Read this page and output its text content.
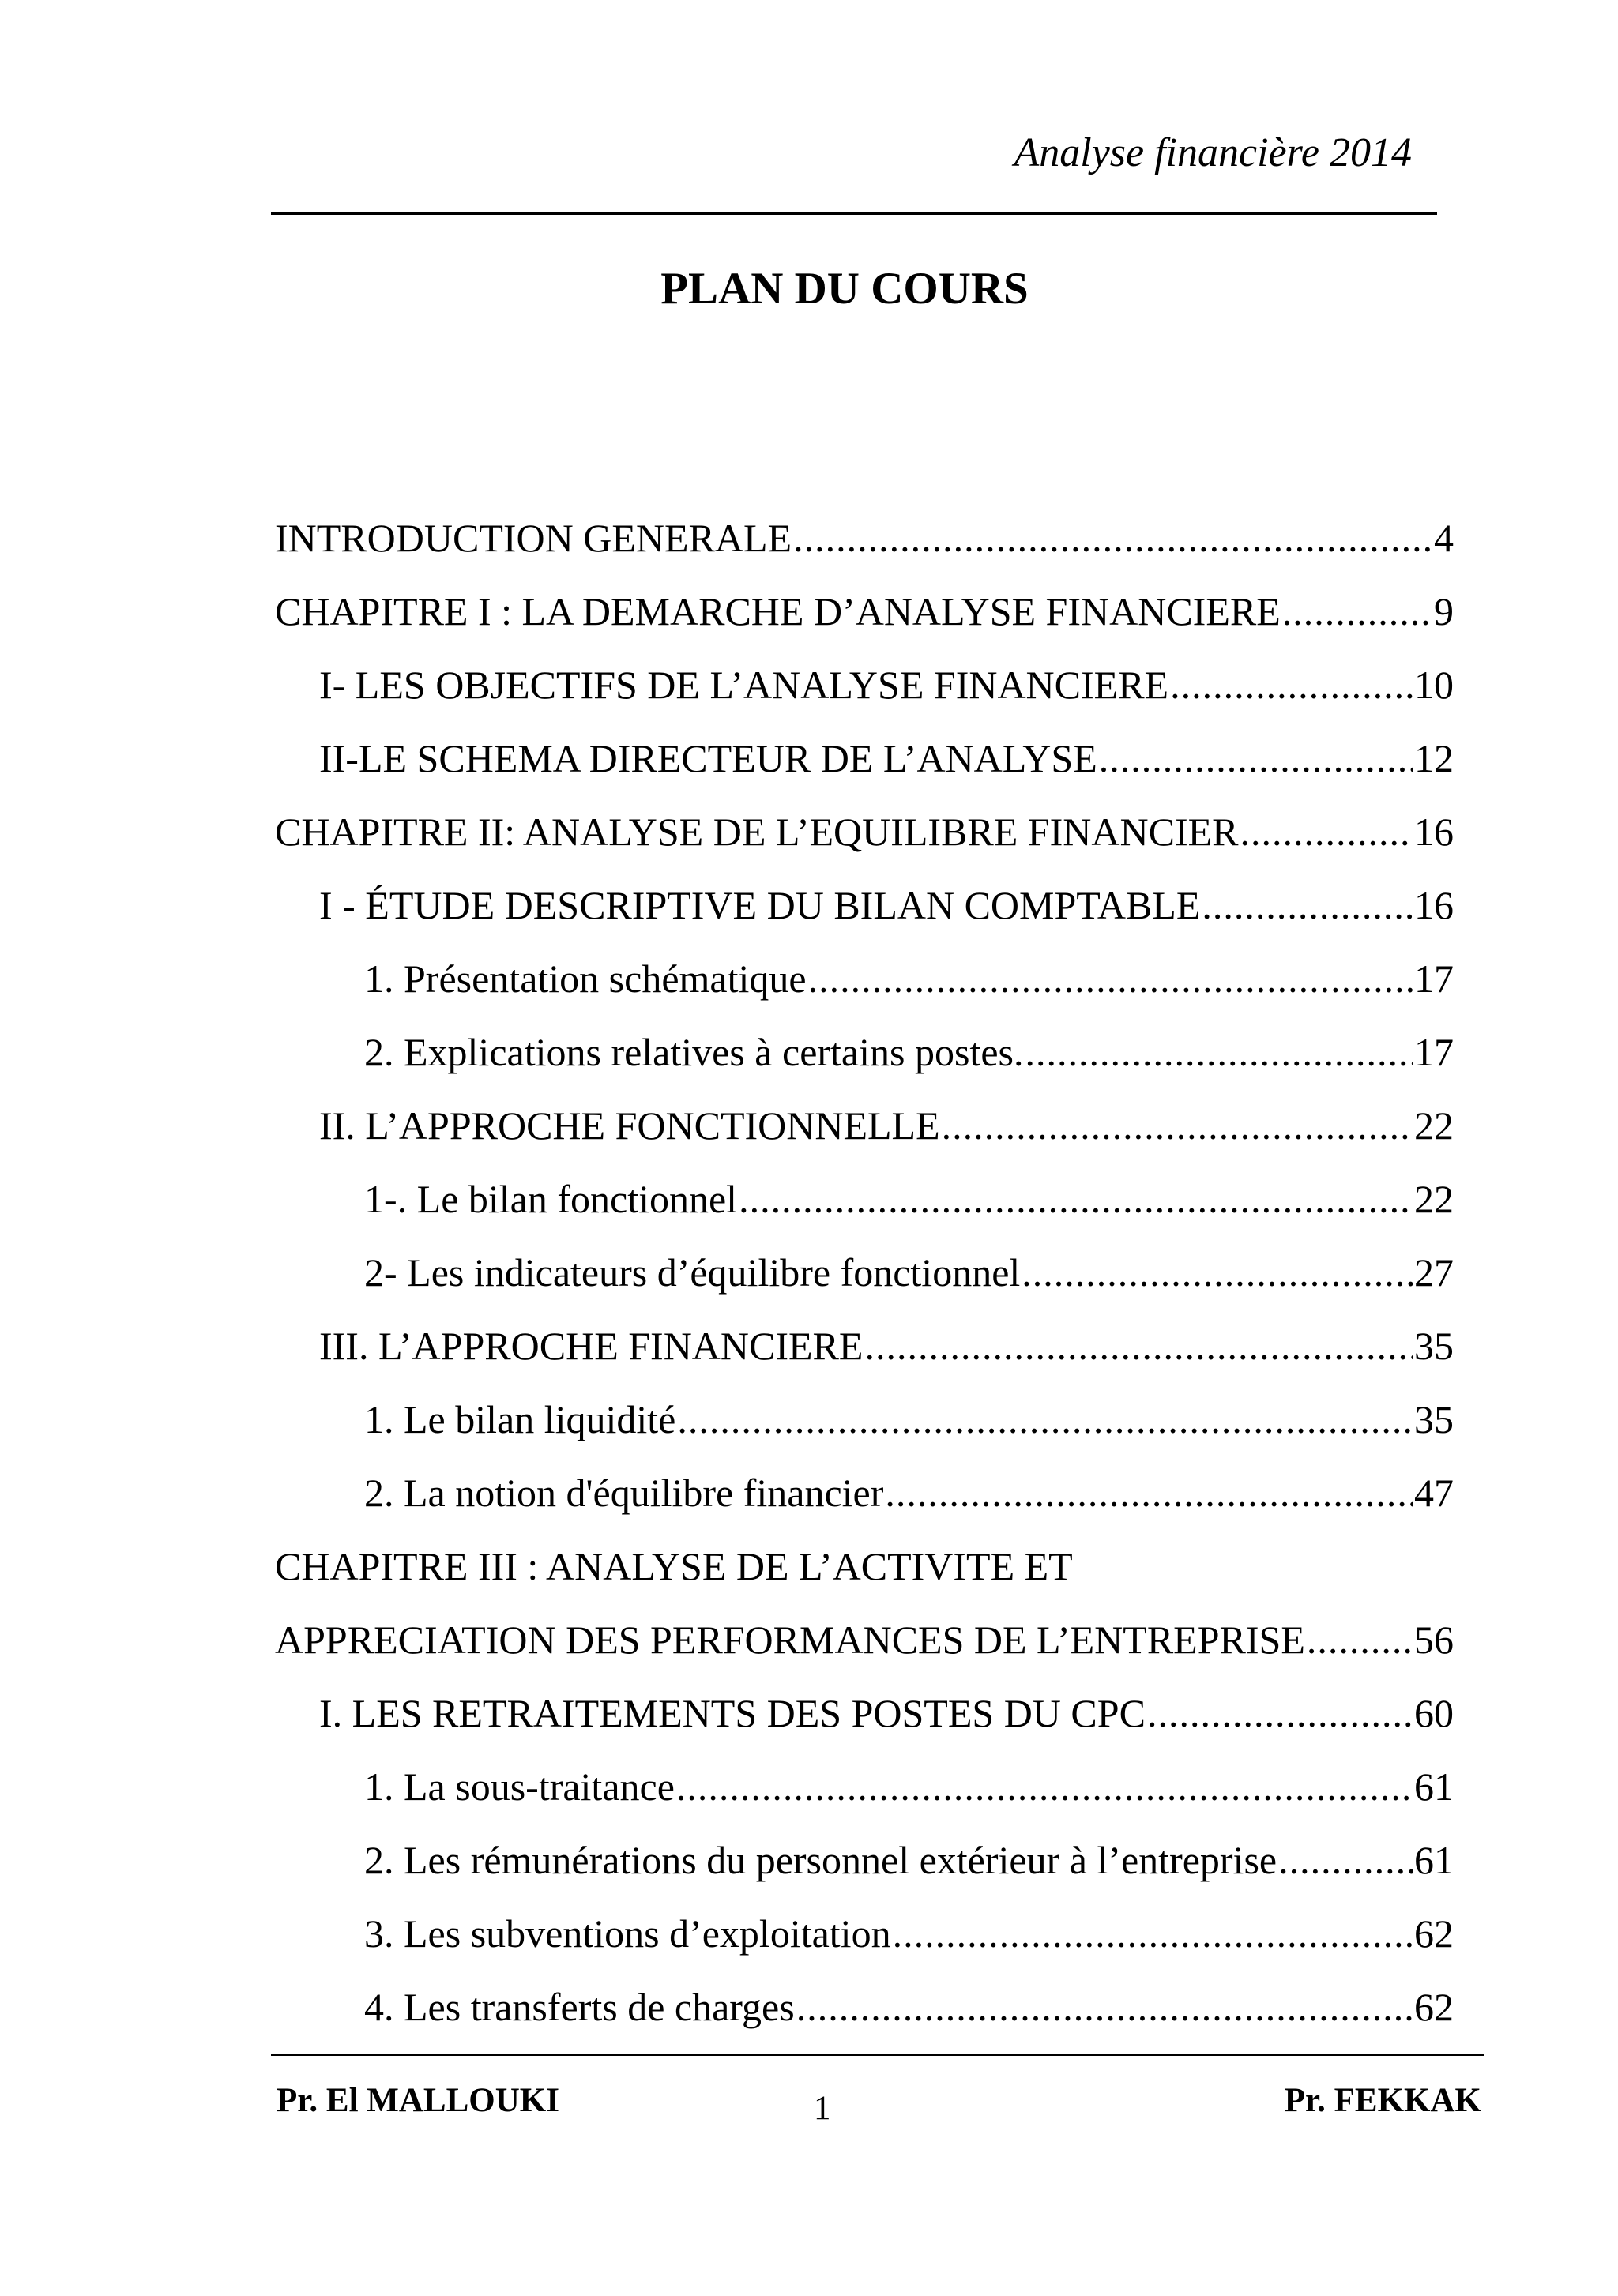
Analyse financière 2014
PLAN DU COURS
INTRODUCTION GENERALE .....	4
CHAPITRE I : LA DEMARCHE D’ANALYSE FINANCIERE .....	9
I- LES OBJECTIFS DE L’ANALYSE FINANCIERE .....	10
II-LE SCHEMA DIRECTEUR DE L’ANALYSE .....	12
CHAPITRE II: ANALYSE DE L’EQUILIBRE FINANCIER .....	16
I - ÉTUDE DESCRIPTIVE DU BILAN COMPTABLE .....	16
1. Présentation schématique .....	17
2. Explications relatives à certains postes. .....	17
II. L’APPROCHE FONCTIONNELLE .....	22
1-. Le bilan fonctionnel .....	22
2- Les indicateurs d’équilibre fonctionnel .....	27
III. L’APPROCHE FINANCIERE .....	35
1. Le bilan liquidité .....	35
2. La notion d'équilibre financier .....	47
CHAPITRE III : ANALYSE DE L’ACTIVITE ET
APPRECIATION DES PERFORMANCES DE L’ENTREPRISE .....	56
I. LES RETRAITEMENTS DES POSTES DU CPC .....	60
1. La sous-traitance .....	61
2. Les rémunérations du personnel extérieur à l’entreprise .....	61
3. Les subventions d’exploitation .....	62
4. Les transferts de charges .....	62
Pr. El MALLOUKI	1	Pr. FEKKAK
